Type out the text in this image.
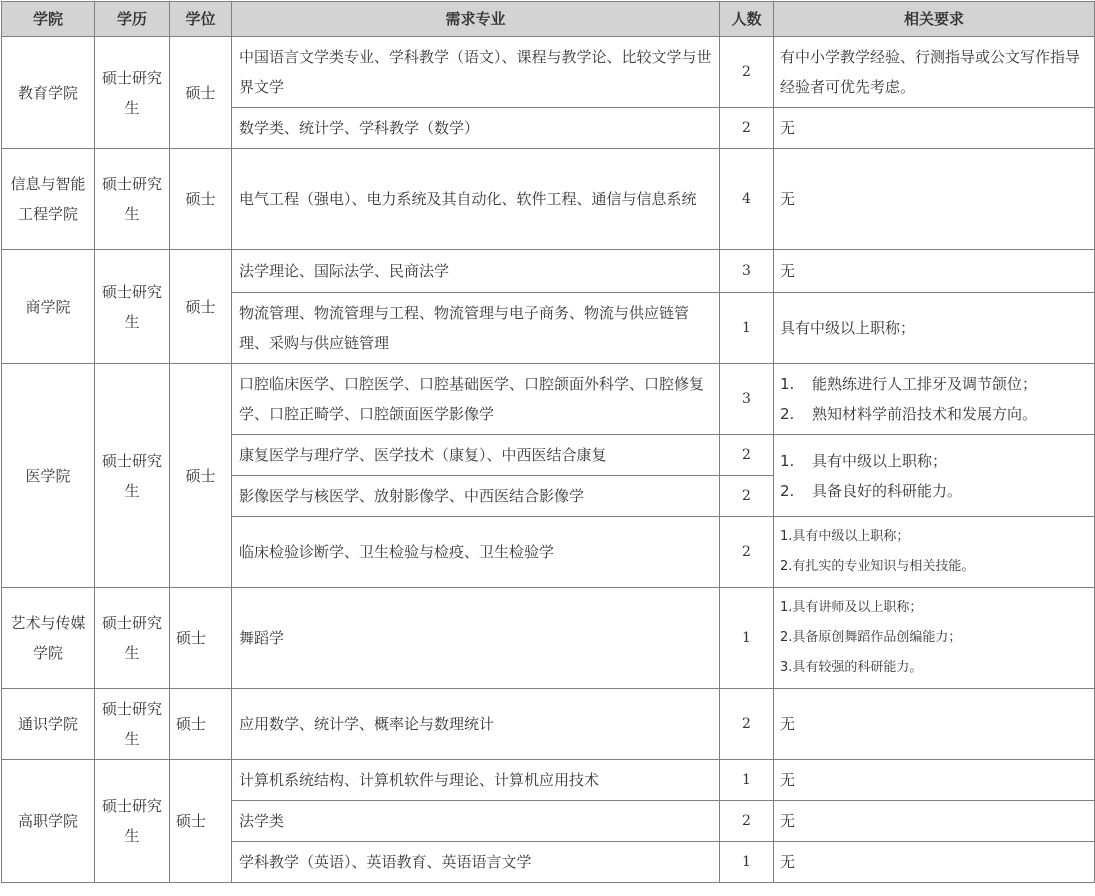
学院	学历	学位	需求专业	人数	相关要求
教育学院	硕士研究生	硕士	中国语言文学类专业、学科教学（语文）、课程与教学论、比较文学与世界文学	2	有中小学教学经验、行测指导或公文写作指导经验者可优先考虑。
			数学类、统计学、学科教学（数学）	2	无
信息与智能工程学院	硕士研究生	硕士	电气工程（强电）、电力系统及其自动化、软件工程、通信与信息系统	4	无
商学院	硕士研究生	硕士	法学理论、国际法学、民商法学	3	无
			物流管理、物流管理与工程、物流管理与电子商务、物流与供应链管理、采购与供应链管理	1	具有中级以上职称；
医学院	硕士研究生	硕士	口腔临床医学、口腔医学、口腔基础医学、口腔颌面外科学、口腔修复学、口腔正畸学、口腔颌面医学影像学	3	1. 能熟练进行人工排牙及调节颌位；
2. 熟知材料学前沿技术和发展方向。

			康复医学与理疗学、医学技术（康复）、中西医结合康复	2	1. 具有中级以上职称；
2. 具备良好的科研能力。

			影像医学与核医学、放射影像学、中西医结合影像学	2	
			临床检验诊断学、卫生检验与检疫、卫生检验学	2	1.具有中级以上职称；
2.有扎实的专业知识与相关技能。

艺术与传媒学院	硕士研究生	硕士	舞蹈学	1	1.具有讲师及以上职称；
2.具备原创舞蹈作品创编能力；
3.具有较强的科研能力。

通识学院	硕士研究生	硕士	应用数学、统计学、概率论与数理统计	2	无
高职学院	硕士研究生	硕士	计算机系统结构、计算机软件与理论、计算机应用技术	1	无
			法学类	2	无
			学科教学（英语）、英语教育、英语语言文学	1	无
